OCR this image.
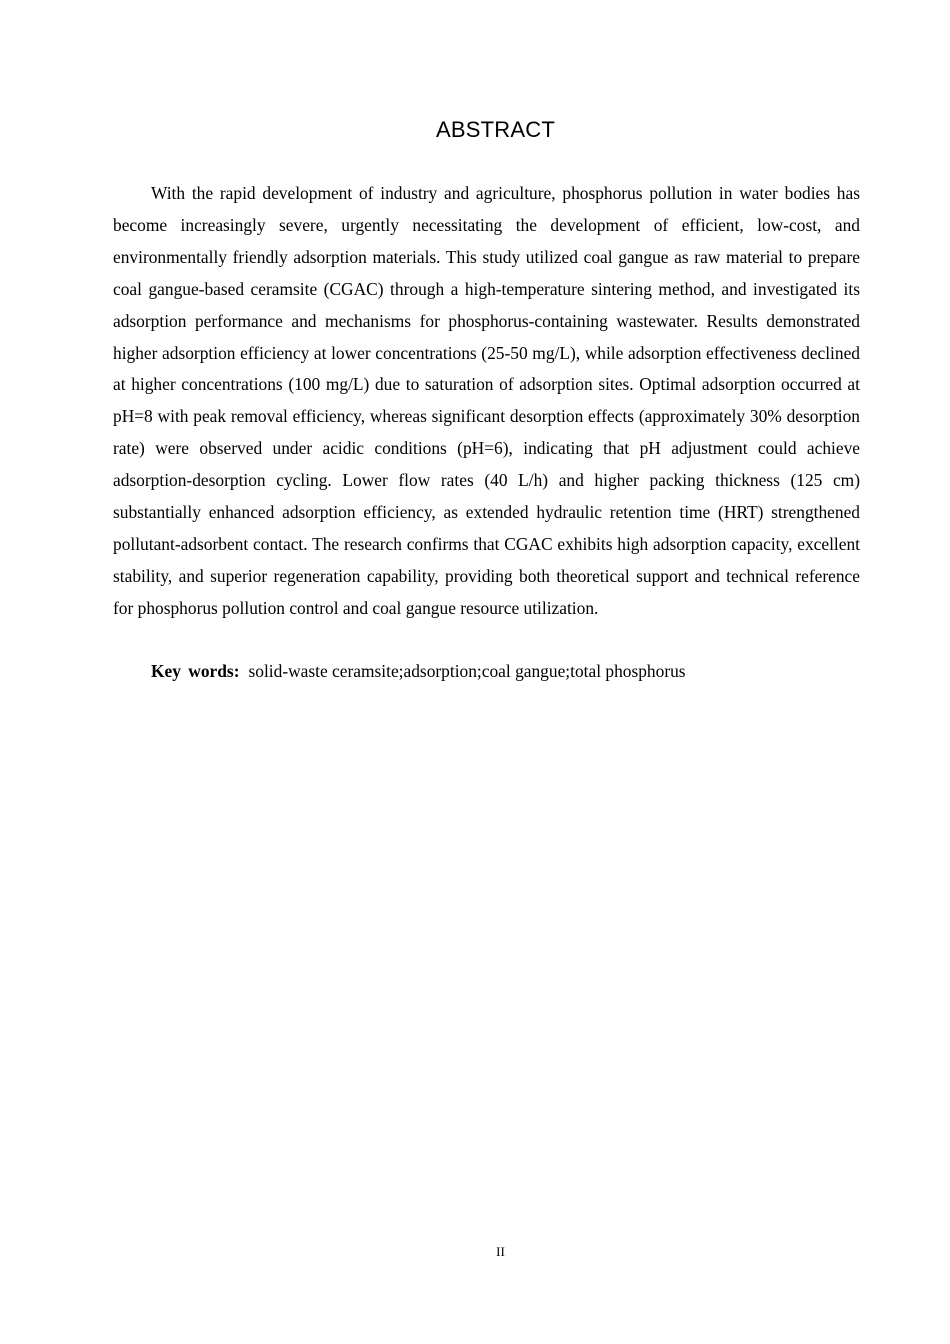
ABSTRACT

With the rapid development of industry and agriculture, phosphorus pollution in water bodies has become increasingly severe, urgently necessitating the development of efficient, low-cost, and environmentally friendly adsorption materials. This study utilized coal gangue as raw material to prepare coal gangue-based ceramsite (CGAC) through a high-temperature sintering method, and investigated its adsorption performance and mechanisms for phosphorus-containing wastewater. Results demonstrated higher adsorption efficiency at lower concentrations (25-50 mg/L), while adsorption effectiveness declined at higher concentrations (100 mg/L) due to saturation of adsorption sites. Optimal adsorption occurred at pH=8 with peak removal efficiency, whereas significant desorption effects (approximately 30% desorption rate) were observed under acidic conditions (pH=6), indicating that pH adjustment could achieve adsorption-desorption cycling. Lower flow rates (40 L/h) and higher packing thickness (125 cm) substantially enhanced adsorption efficiency, as extended hydraulic retention time (HRT) strengthened pollutant-adsorbent contact. The research confirms that CGAC exhibits high adsorption capacity, excellent stability, and superior regeneration capability, providing both theoretical support and technical reference for phosphorus pollution control and coal gangue resource utilization.

Key words: solid-waste ceramsite;adsorption;coal gangue;total phosphorus

II
